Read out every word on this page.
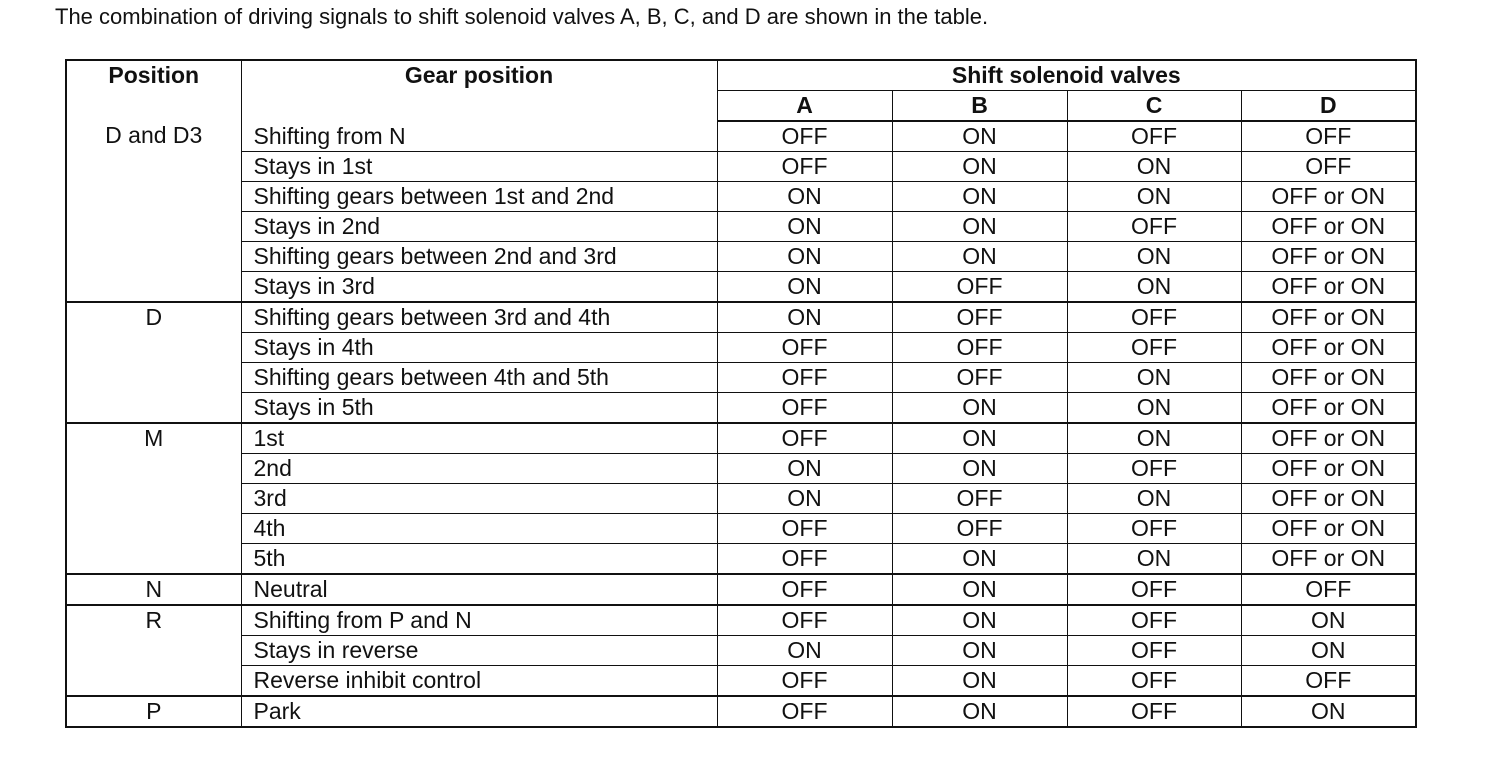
The combination of driving signals to shift solenoid valves A, B, C, and D are shown in the table.
Position	Gear position	Shift solenoid valves			
		A	B	C	D
D and D3	Shifting from N	OFF	ON	OFF	OFF
	Stays in 1st	OFF	ON	ON	OFF
	Shifting gears between 1st and 2nd	ON	ON	ON	OFF or ON
	Stays in 2nd	ON	ON	OFF	OFF or ON
	Shifting gears between 2nd and 3rd	ON	ON	ON	OFF or ON
	Stays in 3rd	ON	OFF	ON	OFF or ON
D	Shifting gears between 3rd and 4th	ON	OFF	OFF	OFF or ON
	Stays in 4th	OFF	OFF	OFF	OFF or ON
	Shifting gears between 4th and 5th	OFF	OFF	ON	OFF or ON
	Stays in 5th	OFF	ON	ON	OFF or ON
M	1st	OFF	ON	ON	OFF or ON
	2nd	ON	ON	OFF	OFF or ON
	3rd	ON	OFF	ON	OFF or ON
	4th	OFF	OFF	OFF	OFF or ON
	5th	OFF	ON	ON	OFF or ON
N	Neutral	OFF	ON	OFF	OFF
R	Shifting from P and N	OFF	ON	OFF	ON
	Stays in reverse	ON	ON	OFF	ON
	Reverse inhibit control	OFF	ON	OFF	OFF
P	Park	OFF	ON	OFF	ON
